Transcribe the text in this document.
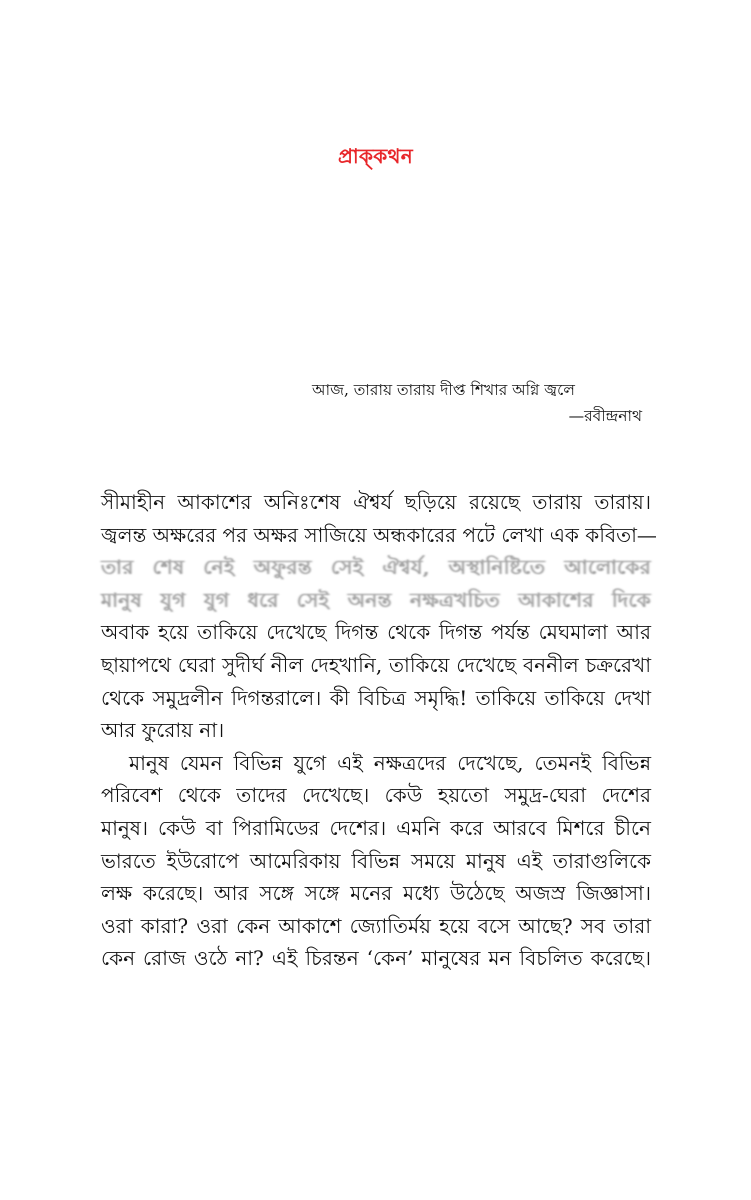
প্রাক্‌কথন
আজ, তারায় তারায় দীপ্ত শিখার অগ্নি জ্বলে
—রবীন্দ্রনাথ
সীমাহীন আকাশের অনিঃশেষ ঐশ্বর্য ছড়িয়ে রয়েছে তারায় তারায়।
জ্বলন্ত অক্ষরের পর অক্ষর সাজিয়ে অন্ধকারের পটে লেখা এক কবিতা—
তার শেষ নেই অফুরন্ত সেই ঐশ্বর্য, অস্থানিষ্টিতে আলোকের
মানুষ যুগ যুগ ধরে সেই অনন্ত নক্ষত্রখচিত আকাশের দিকে
অবাক হয়ে তাকিয়ে দেখেছে দিগন্ত থেকে দিগন্ত পর্যন্ত মেঘমালা আর
ছায়াপথে ঘেরা সুদীর্ঘ নীল দেহখানি, তাকিয়ে দেখেছে বননীল চক্ররেখা
থেকে সমুদ্রলীন দিগন্তরালে। কী বিচিত্র সমৃদ্ধি! তাকিয়ে তাকিয়ে দেখা
আর ফুরোয় না।
মানুষ যেমন বিভিন্ন যুগে এই নক্ষত্রদের দেখেছে, তেমনই বিভিন্ন
পরিবেশ থেকে তাদের দেখেছে। কেউ হয়তো সমুদ্র-ঘেরা দেশের
মানুষ। কেউ বা পিরামিডের দেশের। এমনি করে আরবে মিশরে চীনে
ভারতে ইউরোপে আমেরিকায় বিভিন্ন সময়ে মানুষ এই তারাগুলিকে
লক্ষ করেছে। আর সঙ্গে সঙ্গে মনের মধ্যে উঠেছে অজস্র জিজ্ঞাসা।
ওরা কারা? ওরা কেন আকাশে জ্যোতির্ময় হয়ে বসে আছে? সব তারা
কেন রোজ ওঠে না? এই চিরন্তন ‘কেন’ মানুষের মন বিচলিত করেছে।
